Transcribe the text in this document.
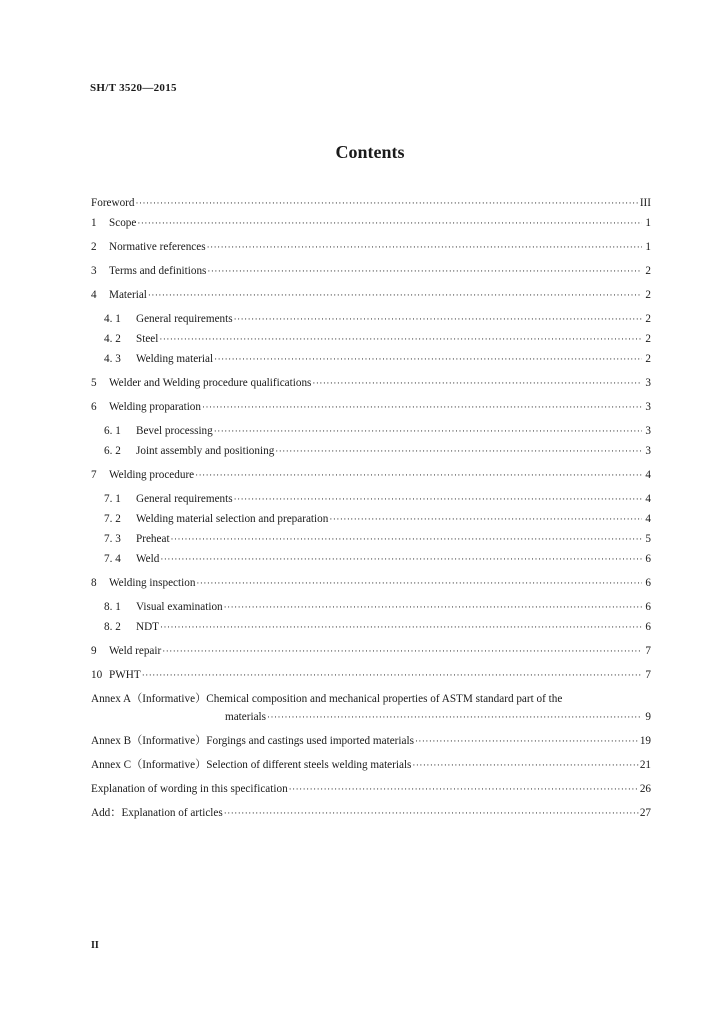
SH/T 3520—2015
Contents
Foreword ·····	III
1 Scope ·····	1
2 Normative references ·····	1
3 Terms and definitions ·····	2
4 Material ·····	2
4. 1 General requirements ·····	2
4. 2 Steel ·····	2
4. 3 Welding material ·····	2
5 Welder and Welding procedure qualifications ·····	3
6 Welding proparation ·····	3
6. 1 Bevel processing ·····	3
6. 2 Joint assembly and positioning ·····	3
7 Welding procedure ·····	4
7. 1 General requirements ·····	4
7. 2 Welding material selection and preparation ·····	4
7. 3 Preheat ·····	5
7. 4 Weld ·····	6
8 Welding inspection ·····	6
8. 1 Visual examination ·····	6
8. 2 NDT ·····	6
9 Weld repair ·····	7
10 PWHT ·····	7
Annex A（Informative）Chemical composition and mechanical properties of ASTM standard part of the
materials ·····	9
Annex B（Informative）Forgings and castings used imported materials ·····	19
Annex C（Informative）Selection of different steels welding materials ·····	21
Explanation of wording in this specification ·····	26
Add：Explanation of articles ·····	27
II
